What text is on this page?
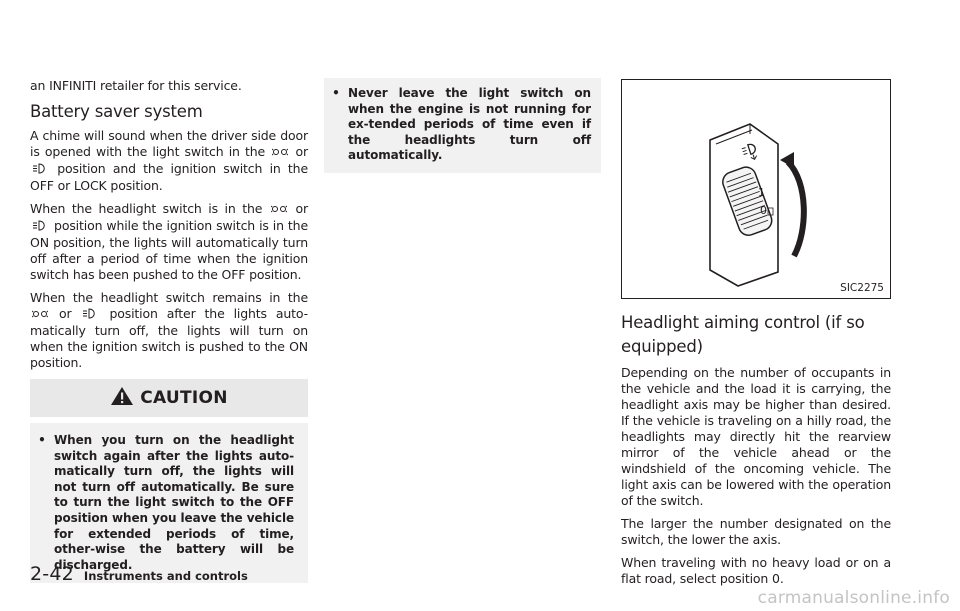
an INFINITI retailer for this service.

Battery saver system

A chime will sound when the driver side door is opened with the light switch in the or  position and the ignition switch in the OFF or LOCK position.

When the headlight switch is in the	or  position while the ignition switch is in the ON position, the lights will automatically turn off after a period of time when the ignition switch has been pushed to the OFF position.

When the headlight switch remains in the  or	position after the lights auto-matically turn off, the lights will turn on when the ignition switch is pushed to the ON position.

CAUTION
• When you turn on the headlight switch again after the lights auto-matically turn off, the lights will not turn off automatically. Be sure to turn the light switch to the OFF position when you leave the vehicle for extended periods of time, other-wise the battery will be discharged.
• Never leave the light switch on when the engine is not running for ex-tended periods of time even if the headlights turn off automatically.
1
0
SIC2275
Headlight aiming control (if so equipped)

Depending on the number of occupants in the vehicle and the load it is carrying, the headlight axis may be higher than desired. If the vehicle is traveling on a hilly road, the headlights may directly hit the rearview mirror of the vehicle ahead or the windshield of the oncoming vehicle. The light axis can be lowered with the operation of the switch.

The larger the number designated on the switch, the lower the axis.

When traveling with no heavy load or on a flat road, select position 0.

2-42 Instruments and controls
carmanualsonline.info
